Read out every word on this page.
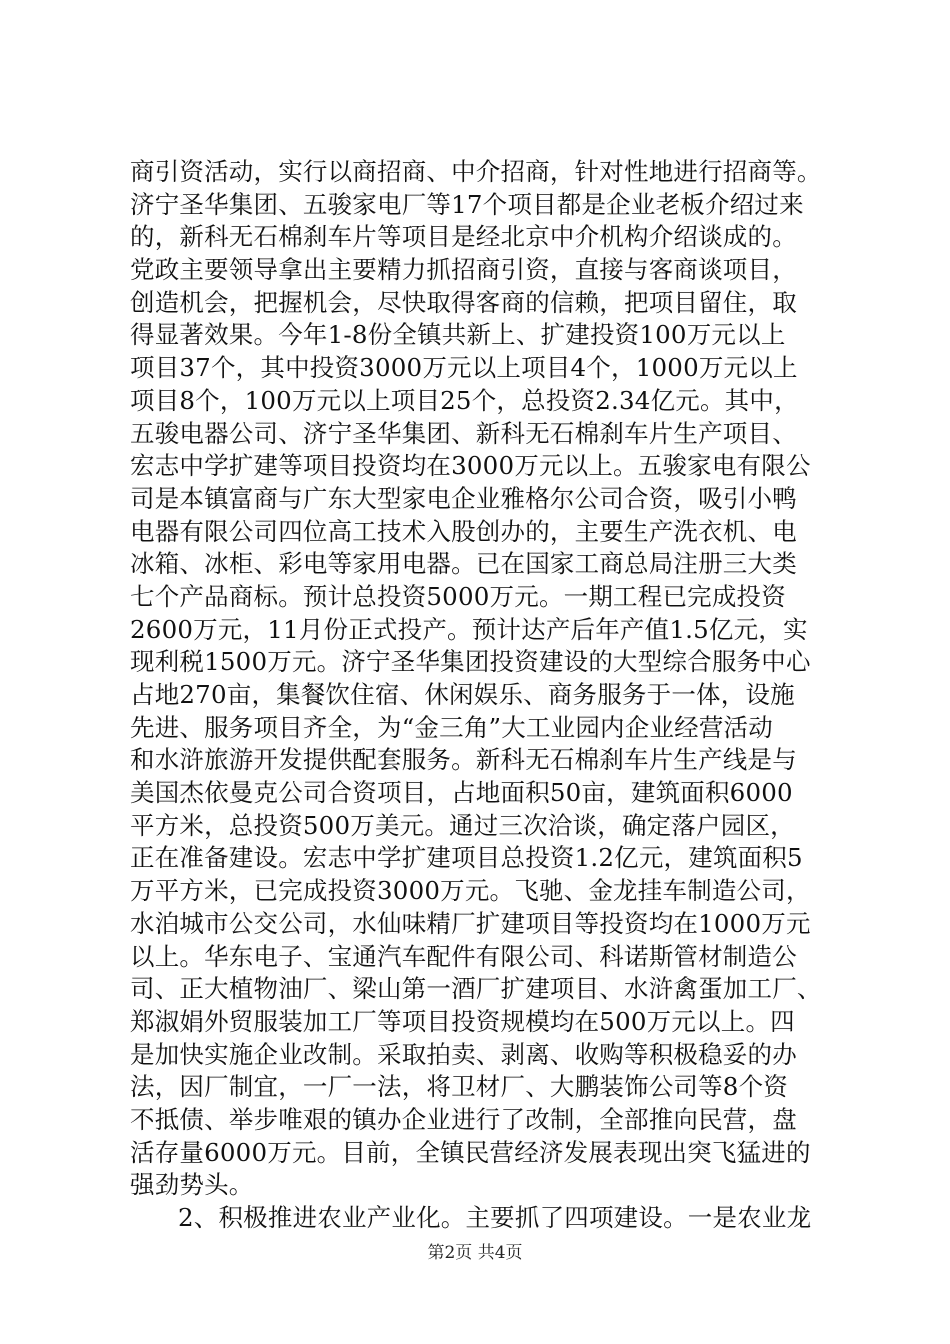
商引资活动，实行以商招商、中介招商，针对性地进行招商等。
济宁圣华集团、五骏家电厂等17个项目都是企业老板介绍过来
的，新科无石棉刹车片等项目是经北京中介机构介绍谈成的。
党政主要领导拿出主要精力抓招商引资，直接与客商谈项目，
创造机会，把握机会，尽快取得客商的信赖，把项目留住，取
得显著效果。今年1-8份全镇共新上、扩建投资100万元以上
项目37个，其中投资3000万元以上项目4个，1000万元以上
项目8个，100万元以上项目25个，总投资2.34亿元。其中，
五骏电器公司、济宁圣华集团、新科无石棉刹车片生产项目、
宏志中学扩建等项目投资均在3000万元以上。五骏家电有限公
司是本镇富商与广东大型家电企业雅格尔公司合资，吸引小鸭
电器有限公司四位高工技术入股创办的，主要生产洗衣机、电
冰箱、冰柜、彩电等家用电器。已在国家工商总局注册三大类
七个产品商标。预计总投资5000万元。一期工程已完成投资
2600万元，11月份正式投产。预计达产后年产值1.5亿元，实
现利税1500万元。济宁圣华集团投资建设的大型综合服务中心
占地270亩，集餐饮住宿、休闲娱乐、商务服务于一体，设施
先进、服务项目齐全，为“金三角”大工业园内企业经营活动
和水浒旅游开发提供配套服务。新科无石棉刹车片生产线是与
美国杰依曼克公司合资项目，占地面积50亩，建筑面积6000
平方米，总投资500万美元。通过三次洽谈，确定落户园区，
正在准备建设。宏志中学扩建项目总投资1.2亿元，建筑面积5
万平方米，已完成投资3000万元。飞驰、金龙挂车制造公司，
水泊城市公交公司，水仙味精厂扩建项目等投资均在1000万元
以上。华东电子、宝通汽车配件有限公司、科诺斯管材制造公
司、正大植物油厂、梁山第一酒厂扩建项目、水浒禽蛋加工厂、
郑淑娟外贸服装加工厂等项目投资规模均在500万元以上。四
是加快实施企业改制。采取拍卖、剥离、收购等积极稳妥的办
法，因厂制宜，一厂一法，将卫材厂、大鹏装饰公司等8个资
不抵债、举步唯艰的镇办企业进行了改制，全部推向民营，盘
活存量6000万元。目前，全镇民营经济发展表现出突飞猛进的
强劲势头。
2、积极推进农业产业化。主要抓了四项建设。一是农业龙
第2页 共4页
